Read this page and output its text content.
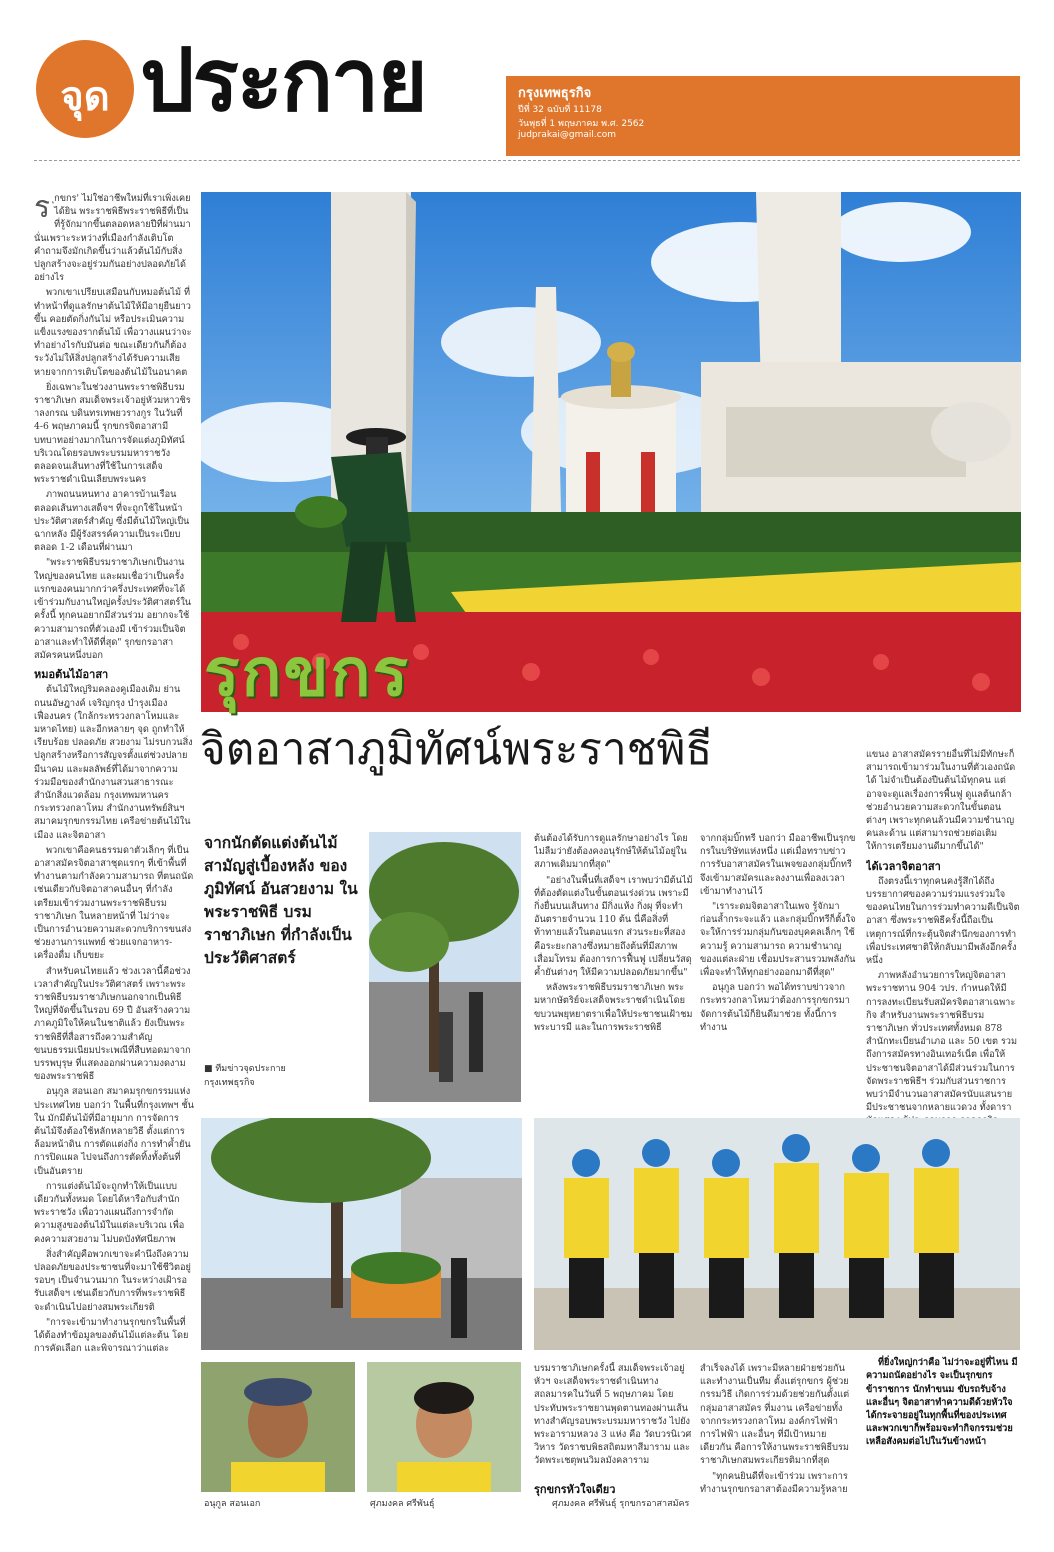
จุด ประกาย	กรุงเทพธุรกิจ
ปีที่ 32 ฉบับที่ 11178
วันพุธที่ 1 พฤษภาคม พ.ศ. 2562
judprakai@gmail.com

ร ุกขกร' ไม่ใช่อาชีพใหม่ที่เราเพิ่งเคยได้ยิน พระราชพิธีพระราชพิธีที่เป็นที่รู้จักมากขึ้นตลอดหลายปีที่ผ่านมา นั่นเพราะระหว่างที่เมืองกำลังเติบโต คำถามจึงมักเกิดขึ้นว่าแล้วต้นไม้กับสิ่งปลูกสร้างจะอยู่ร่วมกันอย่างปลอดภัยได้อย่างไร

พวกเขาเปรียบเสมือนกับหมอต้นไม้ ที่ทำหน้าที่ดูแลรักษาต้นไม้ให้มีอายุยืนยาวขึ้น คอยตัดกิ่งกันไม่ หรือประเมินความแข็งแรงของรากต้นไม้ เพื่อวางแผนว่าจะทำอย่างไรกับมันต่อ ขณะเดียวกันก็ต้องระวังไม่ให้สิ่งปลูกสร้างได้รับความเสียหายจากการเติบโตของต้นไม้ในอนาคต

ยิ่งเฉพาะในช่วงงานพระราชพิธีบรมราชาภิเษก สมเด็จพระเจ้าอยู่หัวมหาวชิราลงกรณ บดินทรเทพยวรางกูร ในวันที่ 4-6 พฤษภาคมนี้ รุกขกรจิตอาสามีบทบาทอย่างมากในการจัดแต่งภูมิทัศน์บริเวณโดยรอบพระบรมมหาราชวัง ตลอดจนเส้นทางที่ใช้ในการเสด็จพระราชดำเนินเลียบพระนคร

ภาพถนนหนทาง อาคารบ้านเรือนตลอดเส้นทางเสด็จฯ ที่จะถูกใช้ในหน้าประวัติศาสตร์สำคัญ ซึ่งมีต้นไม้ใหญ่เป็นฉากหลัง มีผู้รังสรรค์ความเป็นระเบียบตลอด 1-2 เดือนที่ผ่านมา

"พระราชพิธีบรมราชาภิเษกเป็นงานใหญ่ของคนไทย และผมเชื่อว่าเป็นครั้งแรกของคนมากกว่าครึ่งประเทศที่จะได้เข้าร่วมกับงานใหญ่ครั้งประวัติศาสตร์ในครั้งนี้ ทุกคนอยากมีส่วนร่วม อยากจะใช้ความสามารถที่ตัวเองมี เข้าร่วมเป็นจิตอาสาและทำให้ดีที่สุด" รุกขกรอาสาสมัครคนหนึ่งบอก

หมอต้นไม้อาสา

ต้นไม้ใหญ่ริมคลองคูเมืองเดิม ย่านถนนอัษฎางค์ เจริญกรุง บำรุงเมือง เฟื่องนคร (ใกล้กระทรวงกลาโหมและมหาดไทย) และอีกหลายๆ จุด ถูกทำให้เรียบร้อย ปลอดภัย สวยงาม ไม่รบกวนสิ่งปลูกสร้างหรือการสัญจรตั้งแต่ช่วงปลายมีนาคม และผลลัพธ์ที่ได้มาจากความร่วมมือของสำนักงานสวนสาธารณะ สำนักสิ่งแวดล้อม กรุงเทพมหานคร กระทรวงกลาโหม สำนักงานทรัพย์สินฯ สมาคมรุกขกรรมไทย เครือข่ายต้นไม้ในเมือง และจิตอาสา

พวกเขาคือคนธรรมดาตัวเล็กๆ ที่เป็นอาสาสมัครจิตอาสาชุดแรกๆ ที่เข้าพื้นที่ทำงานตามกำลังความสามารถ ที่ตนถนัด เช่นเดียวกับจิตอาสาคนอื่นๆ ที่กำลังเตรียมเข้าร่วมงานพระราชพิธีบรมราชาภิเษก ในหลายหน้าที่ ไม่ว่าจะเป็นการอำนวยความสะดวกบริการขนส่ง ช่วยงานการแพทย์ ช่วยแจกอาหาร-เครื่องดื่ม เก็บขยะ

สำหรับคนไทยแล้ว ช่วงเวลานี้คือช่วงเวลาสำคัญในประวัติศาสตร์ เพราะพระราชพิธีบรมราชาภิเษกนอกจากเป็นพิธีใหญ่ที่จัดขึ้นในรอบ 69 ปี อันสร้างความภาคภูมิใจให้คนในชาติแล้ว ยังเป็นพระราชพิธีที่สื่อสารถึงความสำคัญ ขนบธรรมเนียมประเพณีที่สืบทอดมาจากบรรพบุรุษ ที่แสดงออกผ่านความงดงามของพระราชพิธี

อนุกูล สอนเอก สมาคมรุกขกรรมแห่งประเทศไทย บอกว่า ในพื้นที่กรุงเทพฯ ชั้นใน มักมีต้นไม้ที่มีอายุมาก การจัดการต้นไม้จึงต้องใช้หลักหลายวิธี ตั้งแต่การล้อมหน้าดิน การตัดแต่งกิ่ง การทำค้ำยัน การปิดแผล ไปจนถึงการตัดทิ้งทั้งต้นที่เป็นอันตราย

การแต่งต้นไม้จะถูกทำให้เป็นแบบเดียวกันทั้งหมด โดยได้หารือกับสำนักพระราชวัง เพื่อวางแผนถึงการจำกัดความสูงของต้นไม้ในแต่ละบริเวณ เพื่อคงความสวยงาม ไม่บดบังทัศนียภาพ

สิ่งสำคัญคือพวกเขาจะคำนึงถึงความปลอดภัยของประชาชนที่จะมาใช้ชีวิตอยู่รอบๆ เป็นจำนวนมาก ในระหว่างเฝ้ารอรับเสด็จฯ เช่นเดียวกับการที่พระราชพิธีจะดำเนินไปอย่างสมพระเกียรติ

"การจะเข้ามาทำงานรุกขกรในพื้นที่ได้ต้องทำข้อมูลของต้นไม้แต่ละต้น โดยการคัดเลือก และพิจารณาว่าแต่ละ

รุกขกร
จิตอาสาภูมิทัศน์พระราชพิธี
จากนักตัดแต่งต้นไม้ สามัญสู่เบื้องหลัง ของภูมิทัศน์ อันสวยงาม ในพระราชพิธี บรมราชาภิเษก ที่กำลังเป็น ประวัติศาสตร์
■ ทีมข่าวจุดประกาย
กรุงเทพธุรกิจ

ต้นต้องได้รับการดูแลรักษาอย่างไร โดยไม่ลืมว่ายังต้องคงอนุรักษ์ให้ต้นไม้อยู่ในสภาพเดิมมากที่สุด"

"อย่างในพื้นที่เสด็จฯ เราพบว่ามีต้นไม้ที่ต้องตัดแต่งในขั้นตอนเร่งด่วน เพราะมีกิ่งยื่นบนเส้นทาง มีกิ่งแห้ง กิ่งผุ ที่จะทำอันตรายจำนวน 110 ต้น นี่คือสิ่งที่ท้าทายแล้วในตอนแรก ส่วนระยะที่สอง คือระยะกลางซึ่งหมายถึงต้นที่มีสภาพเสื่อมโทรม ต้องการการฟื้นฟู เปลี่ยนวัสดุค้ำยันต่างๆ ให้มีความปลอดภัยมากขึ้น"

หลังพระราชพิธีบรมราชาภิเษก พระมหากษัตริย์จะเสด็จพระราชดำเนินโดยขบวนพยุหยาตราเพื่อให้ประชาชนเฝ้าชมพระบารมี และในการพระราชพิธี

จากกลุ่มบิ๊กทรี บอกว่า มืออาชีพเป็นรุกขกรในบริษัทแห่งหนึ่ง แต่เมื่อทราบข่าวการรับอาสาสมัครในเพจของกลุ่มบิ๊กทรี จึงเข้ามาสมัครและลงงานเพื่อลงเวลาเข้ามาทำงานไว้

"เราระดมจิตอาสาในเพจ รู้จักมาก่อนล้ำกระจะแล้ว และกลุ่มบิ๊กทรีก็ตั้งใจจะให้การร่วมกลุ่มกันของบุคคลเล็กๆ ใช้ความรู้ ความสามารถ ความชำนาญของแต่ละฝ่าย เชื่อมประสานรวมพลังกัน เพื่อจะทำให้ทุกอย่างออกมาดีที่สุด"

อนุกูล บอกว่า พอได้ทราบข่าวจากกระทรวงกลาโหมว่าต้องการรุกขกรมาจัดการต้นไม้ก็ยินดีมาช่วย ทั้งนี้การทำงาน

แขนง อาสาสมัครรายอื่นที่ไม่มีทักษะก็สามารถเข้ามาร่วมในงานที่ตัวเองถนัดได้ ไม่จำเป็นต้องปีนต้นไม้ทุกคน แต่อาจจะดูแลเรื่องการพื้นฟู ดูแลต้นกล้า ช่วยอำนวยความสะดวกในขั้นตอนต่างๆ เพราะทุกคนล้วนมีความชำนาญคนละด้าน แต่สามารถช่วยต่อเติมให้การเตรียมงานดีมากขึ้นได้"

ได้เวลาจิตอาสา

ถึงตรงนี้เราทุกคนคงรู้สึกได้ถึงบรรยากาศของความร่วมแรงร่วมใจของคนไทยในการร่วมทำความดีเป็นจิตอาสา ซึ่งพระราชพิธีครั้งนี้ถือเป็นเหตุการณ์ที่กระตุ้นจิตสำนึกของการทำเพื่อประเทศชาติให้กลับมามีพลังอีกครั้งหนึ่ง

ภาพหลังอำนวยการใหญ่จิตอาสาพระราชทาน 904 วปร. กำหนดให้มีการลงทะเบียนรับสมัครจิตอาสาเฉพาะกิจ สำหรับงานพระราชพิธีบรมราชาภิเษก ทั่วประเทศทั้งหมด 878 สำนักทะเบียนอำเภอ และ 50 เขต รวมถึงการสมัครทางอินเทอร์เน็ต เพื่อให้ประชาชนจิตอาสาได้มีส่วนร่วมในการจัดพระราชพิธีฯ ร่วมกับส่วนราชการ พบว่ามีจำนวนอาสาสมัครนับแสนราย มีประชาชนจากหลายแวดวง ทั้งดารา

ที่ยิ่งใหญ่กว่าคือ ไม่ว่าจะอยู่ที่ไหน มีความถนัดอย่างไร จะเป็นรุกขกร ข้าราชการ นักทำขนม ขับรถรับจ้าง และอื่นๆ จิตอาสาทำความดีด้วยหัวใจได้กระจายอยู่ในทุกพื้นที่ของประเทศ และพวกเขาก็พร้อมจะทำกิจกรรมช่วยเหลือสังคมต่อไปในวันข้างหน้า

อนุกูล สอนเอก	ศุภมงคล ศรีพันธุ์

บรมราชาภิเษกครั้งนี้ สมเด็จพระเจ้าอยู่หัวฯ จะเสด็จพระราชดำเนินทางสถลมารคในวันที่ 5 พฤษภาคม โดยประทับพระราชยานพุดตานทองผ่านเส้นทางสำคัญรอบพระบรมมหาราชวัง ไปยังพระอารามหลวง 3 แห่ง คือ วัดบวรนิเวศวิหาร วัดราชบพิธสถิตมหาสีมาราม และวัดพระเชตุพนวิมลมังคลาราม

รุกขกรหัวใจเดียว
ศุภมงคล ศรีพันธุ์ รุกขกรอาสาสมัคร

สำเร็จลงได้ เพราะมีหลายฝ่ายช่วยกันและทำงานเป็นทีม ตั้งแต่รุกขกร ผู้ช่วยกรรมวิธี เกิดการร่วมด้วยช่วยกันตั้งแต่กลุ่มอาสาสมัคร ที่มงาน เครือข่ายทั้งจากกระทรวงกลาโหม องค์กรไฟฟ้า การไฟฟ้า และอื่นๆ ที่มีเป้าหมายเดียวกัน คือการให้งานพระราชพิธีบรมราชาภิเษกสมพระเกียรติมากที่สุด

"ทุกคนยินดีที่จะเข้าร่วม เพราะการทำงานรุกขกรอาสาต้องมีความรู้หลาย
